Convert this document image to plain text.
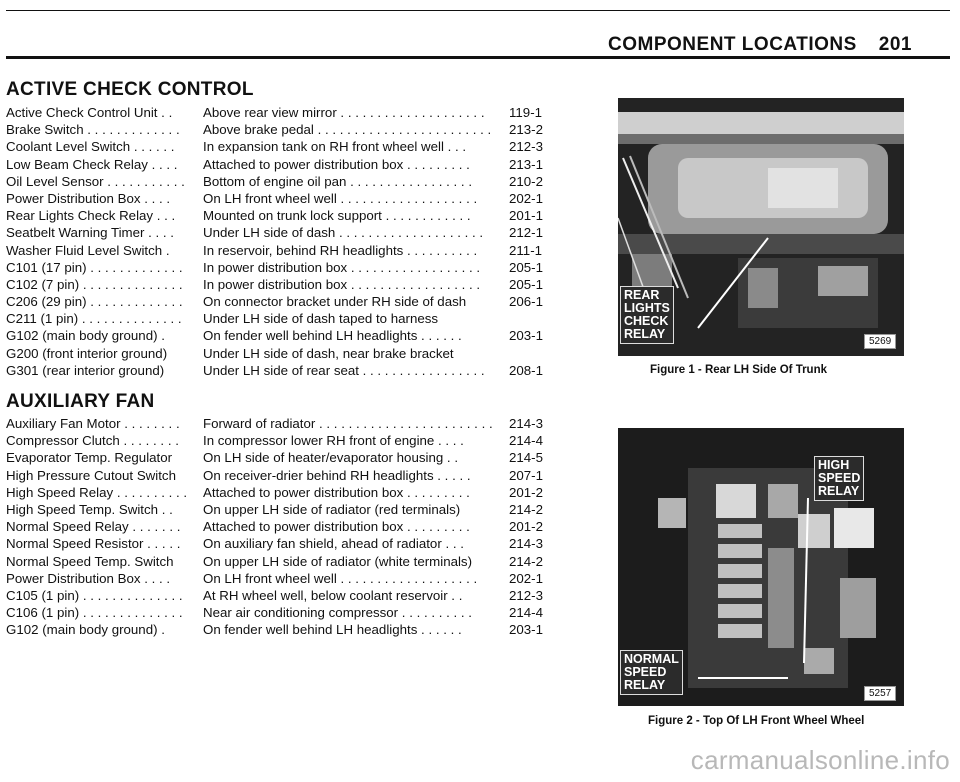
COMPONENT LOCATIONS 201
ACTIVE CHECK CONTROL
Active Check Control Unit . .	Above rear view mirror . . . . . . . . . . . . . . . . . . . .	119-1
Brake Switch . . . . . . . . . . . . .	Above brake pedal . . . . . . . . . . . . . . . . . . . . . . . .	213-2
Coolant Level Switch . . . . . .	In expansion tank on RH front wheel well . . .	212-3
Low Beam Check Relay . . . .	Attached to power distribution box . . . . . . . . .	213-1
Oil Level Sensor . . . . . . . . . . .	Bottom of engine oil pan . . . . . . . . . . . . . . . . .	210-2
Power Distribution Box . . . .	On LH front wheel well . . . . . . . . . . . . . . . . . . .	202-1
Rear Lights Check Relay . . .	Mounted on trunk lock support . . . . . . . . . . . .	201-1
Seatbelt Warning Timer . . . .	Under LH side of dash . . . . . . . . . . . . . . . . . . . .	212-1
Washer Fluid Level Switch .	In reservoir, behind RH headlights . . . . . . . . . .	211-1
C101 (17 pin) . . . . . . . . . . . . .	In power distribution box . . . . . . . . . . . . . . . . . .	205-1
C102 (7 pin) . . . . . . . . . . . . . .	In power distribution box . . . . . . . . . . . . . . . . . .	205-1
C206 (29 pin) . . . . . . . . . . . . .	On connector bracket under RH side of dash	206-1
C211 (1 pin) . . . . . . . . . . . . . .	Under LH side of dash taped to harness
G102 (main body ground) .	On fender well behind LH headlights . . . . . .	203-1
G200 (front interior ground)	Under LH side of dash, near brake bracket
G301 (rear interior ground)	Under LH side of rear seat . . . . . . . . . . . . . . . . .	208-1
AUXILIARY FAN
Auxiliary Fan Motor . . . . . . . .	Forward of radiator . . . . . . . . . . . . . . . . . . . . . . . .	214-3
Compressor Clutch . . . . . . . .	In compressor lower RH front of engine . . . .	214-4
Evaporator Temp. Regulator	On LH side of heater/evaporator housing . .	214-5
High Pressure Cutout Switch	On receiver-drier behind RH headlights . . . . .	207-1
High Speed Relay . . . . . . . . . .	Attached to power distribution box . . . . . . . . .	201-2
High Speed Temp. Switch . .	On upper LH side of radiator (red terminals)	214-2
Normal Speed Relay . . . . . . .	Attached to power distribution box . . . . . . . . .	201-2
Normal Speed Resistor . . . . .	On auxiliary fan shield, ahead of radiator . . .	214-3
Normal Speed Temp. Switch	On upper LH side of radiator (white terminals)	214-2
Power Distribution Box . . . .	On LH front wheel well . . . . . . . . . . . . . . . . . . .	202-1
C105 (1 pin) . . . . . . . . . . . . . .	At RH wheel well, below coolant reservoir . .	212-3
C106 (1 pin) . . . . . . . . . . . . . .	Near air conditioning compressor . . . . . . . . . .	214-4
G102 (main body ground) .	On fender well behind LH headlights . . . . . .	203-1
REAR
LIGHTS
CHECK
RELAY
5269
Figure 1 - Rear LH Side Of Trunk
HIGH
SPEED
RELAY
NORMAL
SPEED
RELAY
5257
Figure 2 - Top Of LH Front Wheel Wheel
carmanualsonline.info
